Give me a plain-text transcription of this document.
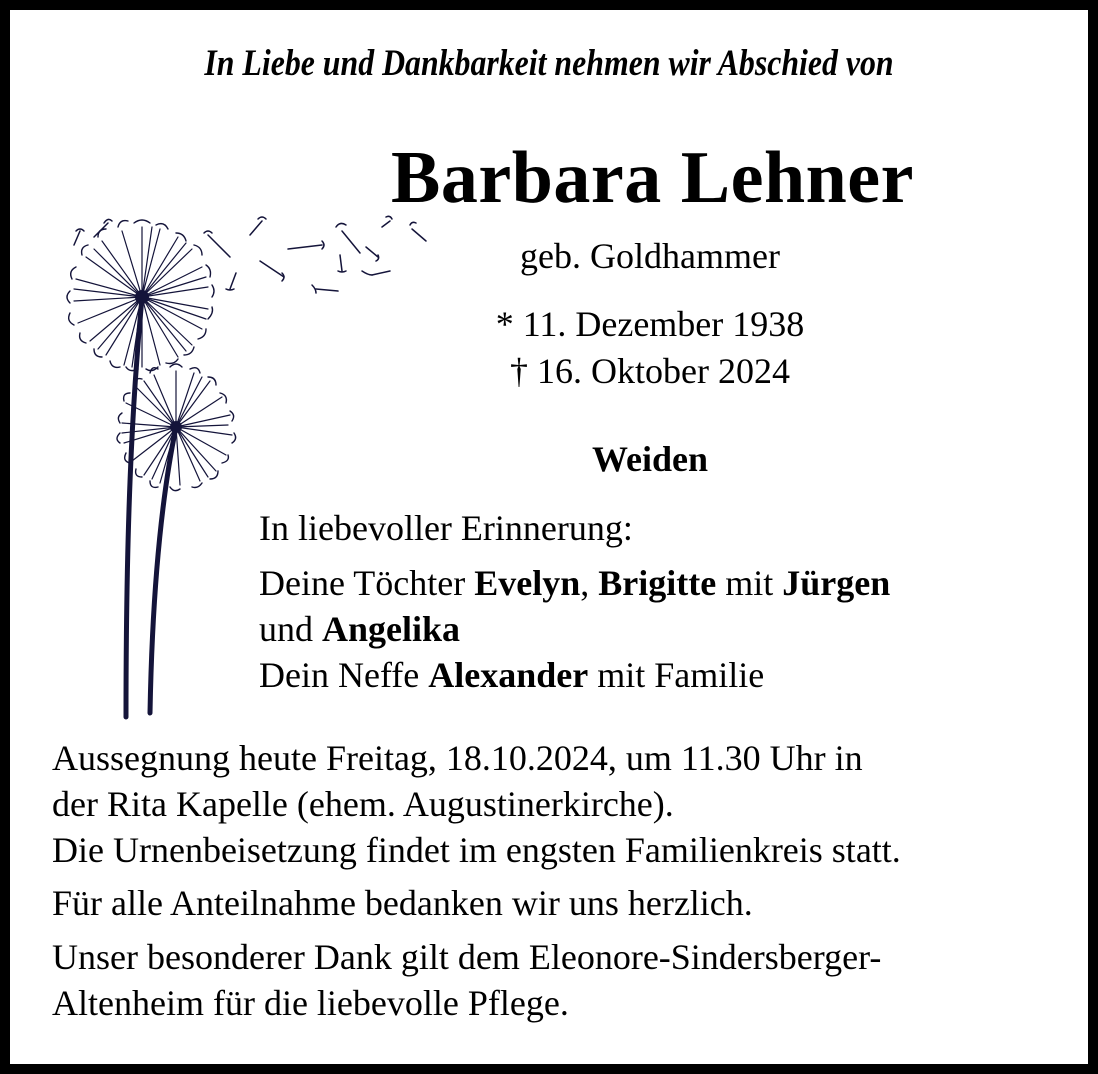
In Liebe und Dankbarkeit nehmen wir Abschied von
Barbara Lehner
geb. Goldhammer
* 11. Dezember 1938
† 16. Oktober 2024
Weiden
In liebevoller Erinnerung:
Deine Töchter Evelyn, Brigitte mit Jürgen
und Angelika
Dein Neffe Alexander mit Familie
Aussegnung heute Freitag, 18.10.2024, um 11.30 Uhr in
der Rita Kapelle (ehem. Augustinerkirche).
Die Urnenbeisetzung findet im engsten Familienkreis statt.
Für alle Anteilnahme bedanken wir uns herzlich.
Unser besonderer Dank gilt dem Eleonore-Sindersberger-
Altenheim für die liebevolle Pflege.
